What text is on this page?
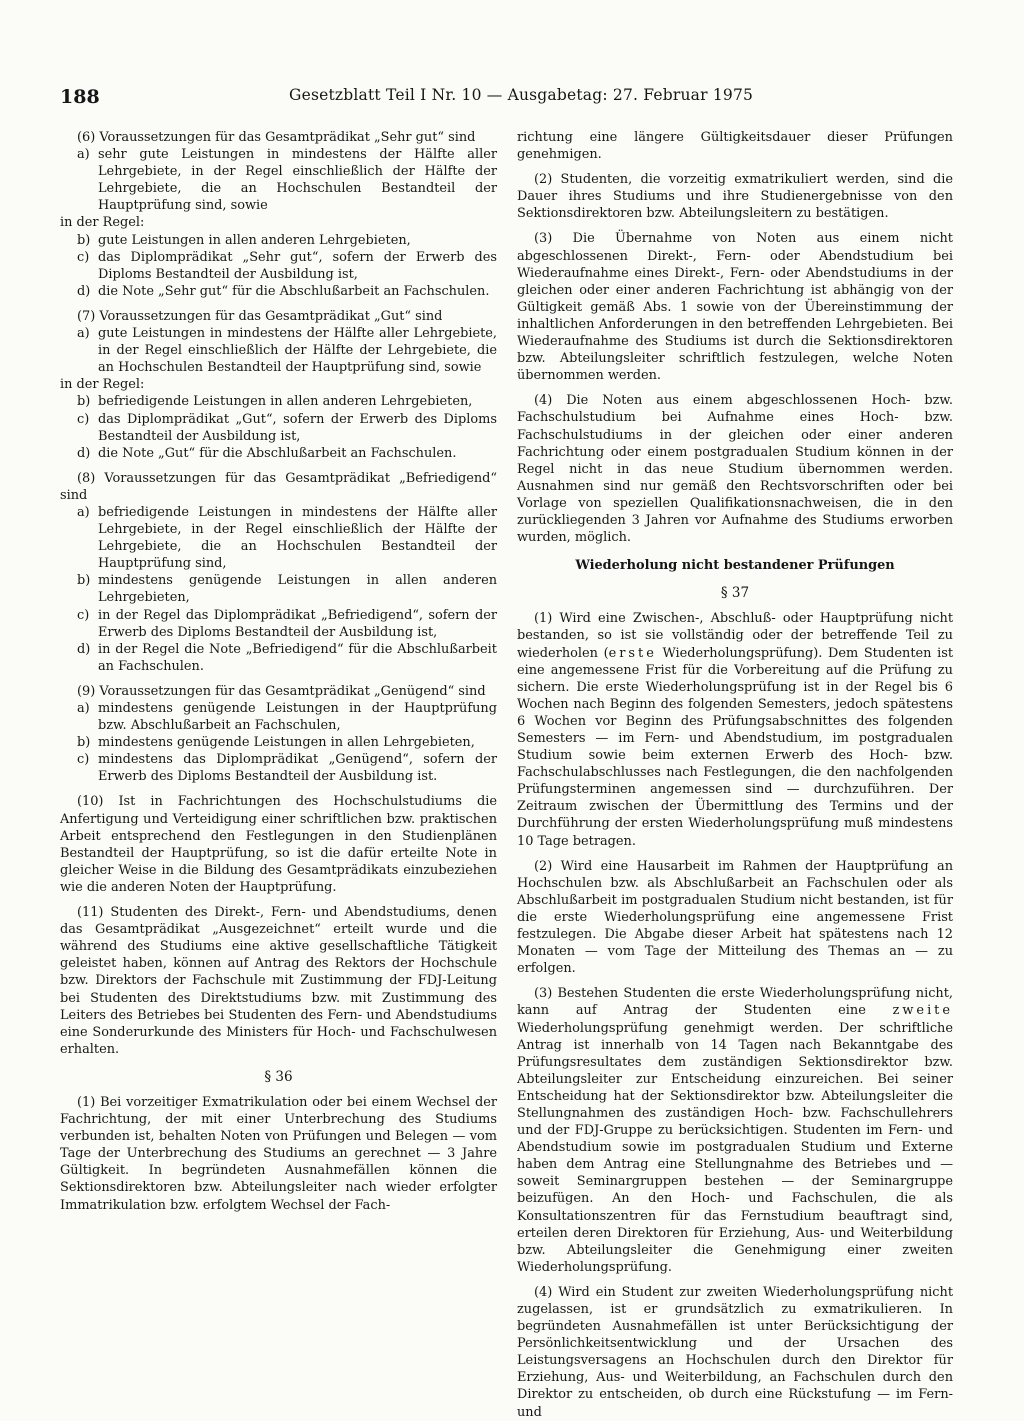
188	Gesetzblatt Teil I Nr. 10 — Ausgabetag: 27. Februar 1975

(6) Voraussetzungen für das Gesamtprädikat „Sehr gut“ sind

a) sehr gute Leistungen in mindestens der Hälfte aller Lehrgebiete, in der Regel einschließlich der Hälfte der Lehrgebiete, die an Hochschulen Bestandteil der Hauptprüfung sind, sowie

in der Regel:

b) gute Leistungen in allen anderen Lehrgebieten,
c) das Diplomprädikat „Sehr gut“, sofern der Erwerb des Diploms Bestandteil der Ausbildung ist,
d) die Note „Sehr gut“ für die Abschlußarbeit an Fachschulen.

(7) Voraussetzungen für das Gesamtprädikat „Gut“ sind

a) gute Leistungen in mindestens der Hälfte aller Lehrgebiete, in der Regel einschließlich der Hälfte der Lehrgebiete, die an Hochschulen Bestandteil der Hauptprüfung sind, sowie

in der Regel:

b) befriedigende Leistungen in allen anderen Lehrgebieten,
c) das Diplomprädikat „Gut“, sofern der Erwerb des Diploms Bestandteil der Ausbildung ist,
d) die Note „Gut“ für die Abschlußarbeit an Fachschulen.

(8) Voraussetzungen für das Gesamtprädikat „Befriedigend“ sind

a) befriedigende Leistungen in mindestens der Hälfte aller Lehrgebiete, in der Regel einschließlich der Hälfte der Lehrgebiete, die an Hochschulen Bestandteil der Hauptprüfung sind,
b) mindestens genügende Leistungen in allen anderen Lehrgebieten,
c) in der Regel das Diplomprädikat „Befriedigend“, sofern der Erwerb des Diploms Bestandteil der Ausbildung ist,
d) in der Regel die Note „Befriedigend“ für die Abschlußarbeit an Fachschulen.

(9) Voraussetzungen für das Gesamtprädikat „Genügend“ sind

a) mindestens genügende Leistungen in der Hauptprüfung bzw. Abschlußarbeit an Fachschulen,
b) mindestens genügende Leistungen in allen Lehrgebieten,
c) mindestens das Diplomprädikat „Genügend“, sofern der Erwerb des Diploms Bestandteil der Ausbildung ist.

(10) Ist in Fachrichtungen des Hochschulstudiums die Anfertigung und Verteidigung einer schriftlichen bzw. praktischen Arbeit entsprechend den Festlegungen in den Studienplänen Bestandteil der Hauptprüfung, so ist die dafür erteilte Note in gleicher Weise in die Bildung des Gesamtprädikats einzubeziehen wie die anderen Noten der Hauptprüfung.

(11) Studenten des Direkt-, Fern- und Abendstudiums, denen das Gesamtprädikat „Ausgezeichnet“ erteilt wurde und die während des Studiums eine aktive gesellschaftliche Tätigkeit geleistet haben, können auf Antrag des Rektors der Hochschule bzw. Direktors der Fachschule mit Zustimmung der FDJ-Leitung bei Studenten des Direktstudiums bzw. mit Zustimmung des Leiters des Betriebes bei Studenten des Fern- und Abendstudiums eine Sonderurkunde des Ministers für Hoch- und Fachschulwesen erhalten.

§ 36

(1) Bei vorzeitiger Exmatrikulation oder bei einem Wechsel der Fachrichtung, der mit einer Unterbrechung des Studiums verbunden ist, behalten Noten von Prüfungen und Belegen — vom Tage der Unterbrechung des Studiums an gerechnet — 3 Jahre Gültigkeit. In begründeten Ausnahmefällen können die Sektionsdirektoren bzw. Abteilungsleiter nach wieder erfolgter Immatrikulation bzw. erfolgtem Wechsel der Fach-

richtung eine längere Gültigkeitsdauer dieser Prüfungen genehmigen.

(2) Studenten, die vorzeitig exmatrikuliert werden, sind die Dauer ihres Studiums und ihre Studienergebnisse von den Sektionsdirektoren bzw. Abteilungsleitern zu bestätigen.

(3) Die Übernahme von Noten aus einem nicht abgeschlossenen Direkt-, Fern- oder Abendstudium bei Wiederaufnahme eines Direkt-, Fern- oder Abendstudiums in der gleichen oder einer anderen Fachrichtung ist abhängig von der Gültigkeit gemäß Abs. 1 sowie von der Übereinstimmung der inhaltlichen Anforderungen in den betreffenden Lehrgebieten. Bei Wiederaufnahme des Studiums ist durch die Sektionsdirektoren bzw. Abteilungsleiter schriftlich festzulegen, welche Noten übernommen werden.

(4) Die Noten aus einem abgeschlossenen Hoch- bzw. Fachschulstudium bei Aufnahme eines Hoch- bzw. Fachschulstudiums in der gleichen oder einer anderen Fachrichtung oder einem postgradualen Studium können in der Regel nicht in das neue Studium übernommen werden. Ausnahmen sind nur gemäß den Rechtsvorschriften oder bei Vorlage von speziellen Qualifikationsnachweisen, die in den zurückliegenden 3 Jahren vor Aufnahme des Studiums erworben wurden, möglich.

Wiederholung nicht bestandener Prüfungen

§ 37

(1) Wird eine Zwischen-, Abschluß- oder Hauptprüfung nicht bestanden, so ist sie vollständig oder der betreffende Teil zu wiederholen (erste Wiederholungsprüfung). Dem Studenten ist eine angemessene Frist für die Vorbereitung auf die Prüfung zu sichern. Die erste Wiederholungsprüfung ist in der Regel bis 6 Wochen nach Beginn des folgenden Semesters, jedoch spätestens 6 Wochen vor Beginn des Prüfungsabschnittes des folgenden Semesters — im Fern- und Abendstudium, im postgradualen Studium sowie beim externen Erwerb des Hoch- bzw. Fachschulabschlusses nach Festlegungen, die den nachfolgenden Prüfungsterminen angemessen sind — durchzuführen. Der Zeitraum zwischen der Übermittlung des Termins und der Durchführung der ersten Wiederholungsprüfung muß mindestens 10 Tage betragen.

(2) Wird eine Hausarbeit im Rahmen der Hauptprüfung an Hochschulen bzw. als Abschlußarbeit an Fachschulen oder als Abschlußarbeit im postgradualen Studium nicht bestanden, ist für die erste Wiederholungsprüfung eine angemessene Frist festzulegen. Die Abgabe dieser Arbeit hat spätestens nach 12 Monaten — vom Tage der Mitteilung des Themas an — zu erfolgen.

(3) Bestehen Studenten die erste Wiederholungsprüfung nicht, kann auf Antrag der Studenten eine zweite Wiederholungsprüfung genehmigt werden. Der schriftliche Antrag ist innerhalb von 14 Tagen nach Bekanntgabe des Prüfungsresultates dem zuständigen Sektionsdirektor bzw. Abteilungsleiter zur Entscheidung einzureichen. Bei seiner Entscheidung hat der Sektionsdirektor bzw. Abteilungsleiter die Stellungnahmen des zuständigen Hoch- bzw. Fachschullehrers und der FDJ-Gruppe zu berücksichtigen. Studenten im Fern- und Abendstudium sowie im postgradualen Studium und Externe haben dem Antrag eine Stellungnahme des Betriebes und — soweit Seminargruppen bestehen — der Seminargruppe beizufügen. An den Hoch- und Fachschulen, die als Konsultationszentren für das Fernstudium beauftragt sind, erteilen deren Direktoren für Erziehung, Aus- und Weiterbildung bzw. Abteilungsleiter die Genehmigung einer zweiten Wiederholungsprüfung.

(4) Wird ein Student zur zweiten Wiederholungsprüfung nicht zugelassen, ist er grundsätzlich zu exmatrikulieren. In begründeten Ausnahmefällen ist unter Berücksichtigung der Persönlichkeitsentwicklung und der Ursachen des Leistungsversagens an Hochschulen durch den Direktor für Erziehung, Aus- und Weiterbildung, an Fachschulen durch den Direktor zu entscheiden, ob durch eine Rückstufung — im Fern- und
